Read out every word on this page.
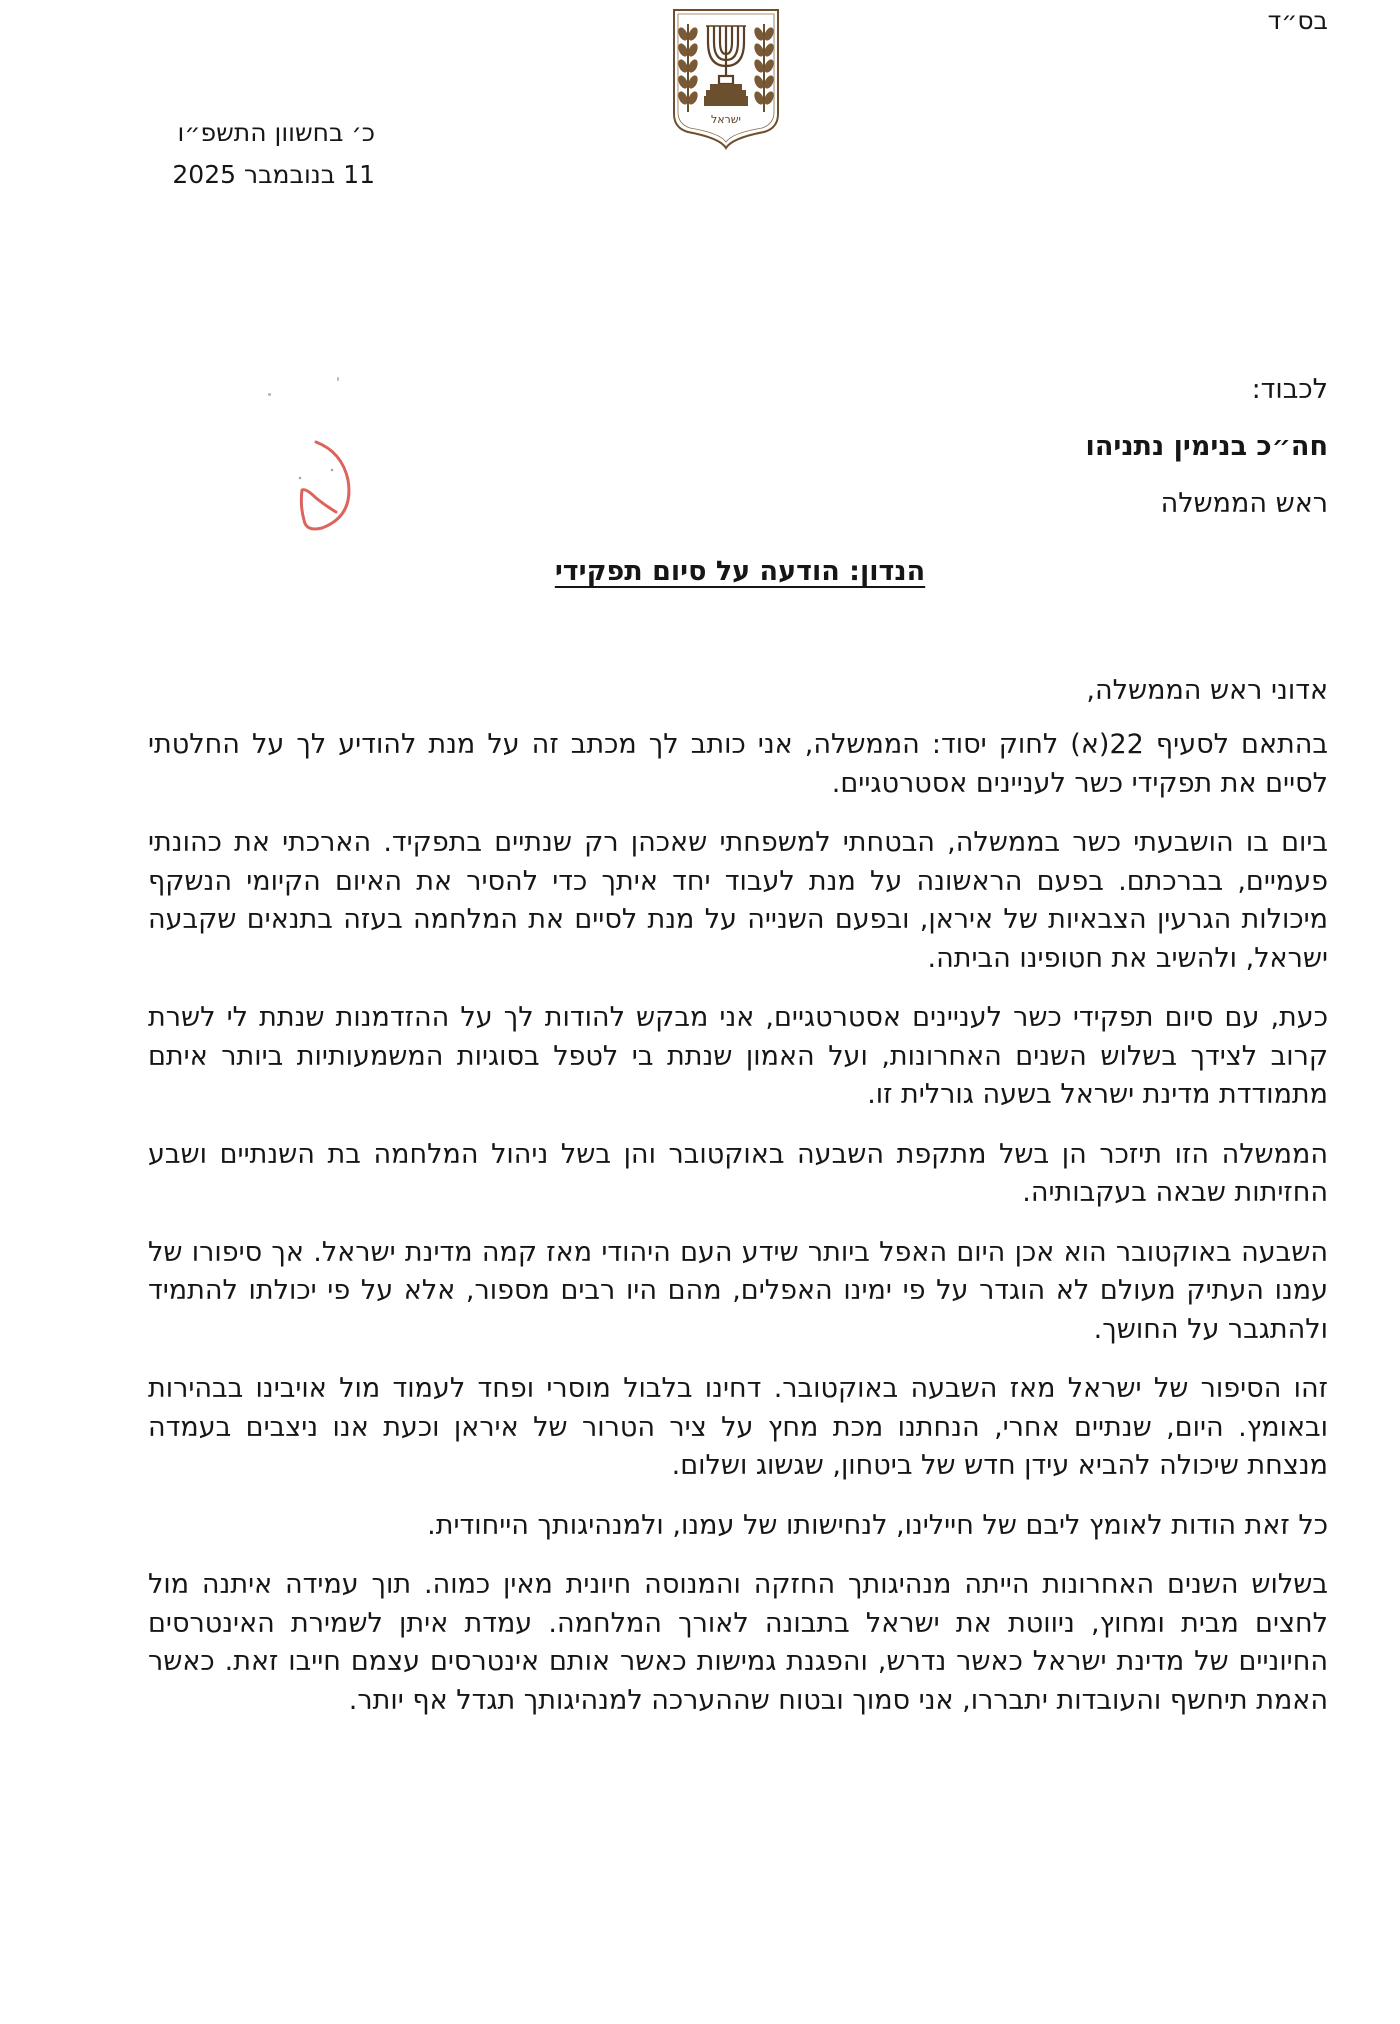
בס״ד
ישראל
כ׳ בחשוון התשפ״ו
11 בנובמבר 2025
לכבוד:
חה״כ בנימין נתניהו
ראש הממשלה
הנדון: הודעה על סיום תפקידי
אדוני ראש הממשלה,

בהתאם לסעיף 22(א) לחוק יסוד: הממשלה, אני כותב לך מכתב זה על מנת להודיע לך על החלטתי לסיים את תפקידי כשר לעניינים אסטרטגיים.

ביום בו הושבעתי כשר בממשלה, הבטחתי למשפחתי שאכהן רק שנתיים בתפקיד. הארכתי את כהונתי פעמיים, בברכתם. בפעם הראשונה על מנת לעבוד יחד איתך כדי להסיר את האיום הקיומי הנשקף מיכולות הגרעין הצבאיות של איראן, ובפעם השנייה על מנת לסיים את המלחמה בעזה בתנאים שקבעה ישראל, ולהשיב את חטופינו הביתה.

כעת, עם סיום תפקידי כשר לעניינים אסטרטגיים, אני מבקש להודות לך על ההזדמנות שנתת לי לשרת קרוב לצידך בשלוש השנים האחרונות, ועל האמון שנתת בי לטפל בסוגיות המשמעותיות ביותר איתם מתמודדת מדינת ישראל בשעה גורלית זו.

הממשלה הזו תיזכר הן בשל מתקפת השבעה באוקטובר והן בשל ניהול המלחמה בת השנתיים ושבע החזיתות שבאה בעקבותיה.

השבעה באוקטובר הוא אכן היום האפל ביותר שידע העם היהודי מאז קמה מדינת ישראל. אך סיפורו של עמנו העתיק מעולם לא הוגדר על פי ימינו האפלים, מהם היו רבים מספור, אלא על פי יכולתו להתמיד ולהתגבר על החושך.

זהו הסיפור של ישראל מאז השבעה באוקטובר. דחינו בלבול מוסרי ופחד לעמוד מול אויבינו בבהירות ובאומץ. היום, שנתיים אחרי, הנחתנו מכת מחץ על ציר הטרור של איראן וכעת אנו ניצבים בעמדה מנצחת שיכולה להביא עידן חדש של ביטחון, שגשוג ושלום.

כל זאת הודות לאומץ ליבם של חיילינו, לנחישותו של עמנו, ולמנהיגותך הייחודית.

בשלוש השנים האחרונות הייתה מנהיגותך החזקה והמנוסה חיונית מאין כמוה. תוך עמידה איתנה מול לחצים מבית ומחוץ, ניווטת את ישראל בתבונה לאורך המלחמה. עמדת איתן לשמירת האינטרסים החיוניים של מדינת ישראל כאשר נדרש, והפגנת גמישות כאשר אותם אינטרסים עצמם חייבו זאת. כאשר האמת תיחשף והעובדות יתבררו, אני סמוך ובטוח שההערכה למנהיגותך תגדל אף יותר.
